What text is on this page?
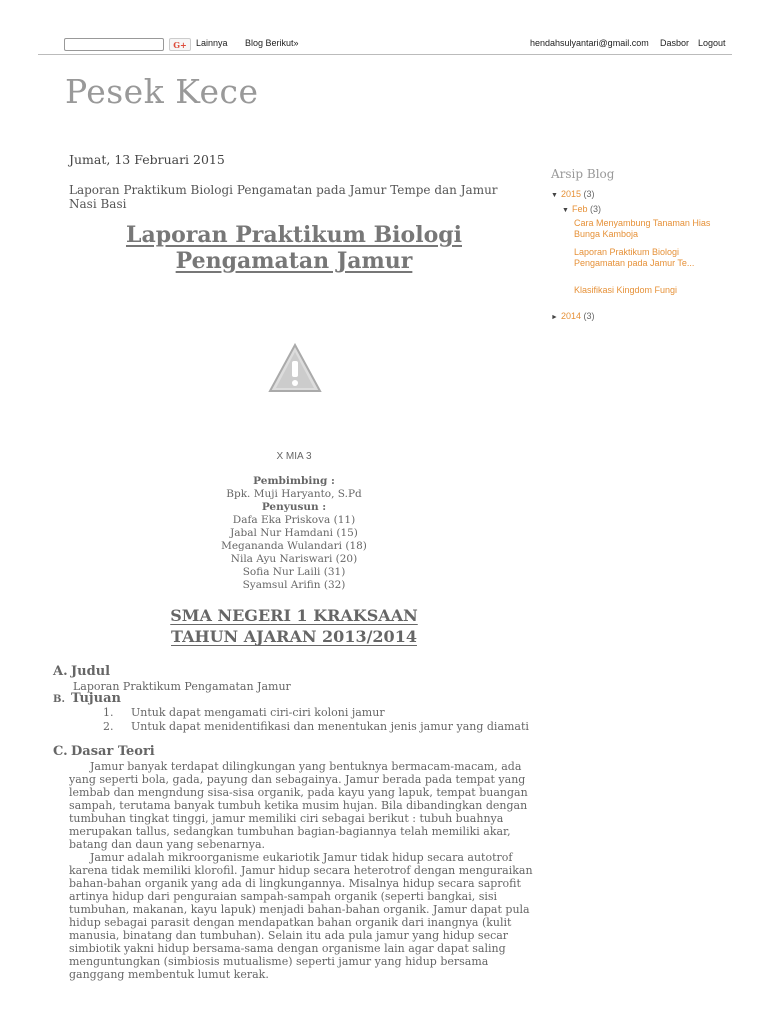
G+	Lainnya Blog Berikut»	hendahsulyantari@gmail.com Dasbor Logout
Pesek Kece
Jumat, 13 Februari 2015
Laporan Praktikum Biologi Pengamatan pada Jamur Tempe dan Jamur Nasi Basi
Laporan Praktikum Biologi
Pengamatan Jamur
X MIA 3
Pembimbing :
Bpk. Muji Haryanto, S.Pd
Penyusun :
Dafa Eka Priskova (11)
Jabal Nur Hamdani (15)
Megananda Wulandari (18)
Nila Ayu Nariswari (20)
Sofia Nur Laili (31)
Syamsul Arifin (32)
SMA NEGERI 1 KRAKSAAN
TAHUN AJARAN 2013/2014
A. Judul
Laporan Praktikum Pengamatan Jamur
B. Tujuan
1. Untuk dapat mengamati ciri-ciri koloni jamur
2. Untuk dapat menidentifikasi dan menentukan jenis jamur yang diamati
C. Dasar Teori
Jamur banyak terdapat dilingkungan yang bentuknya bermacam-macam, ada
yang seperti bola, gada, payung dan sebagainya. Jamur berada pada tempat yang
lembab dan mengndung sisa-sisa organik, pada kayu yang lapuk, tempat buangan
sampah, terutama banyak tumbuh ketika musim hujan. Bila dibandingkan dengan
tumbuhan tingkat tinggi, jamur memiliki ciri sebagai berikut : tubuh buahnya
merupakan tallus, sedangkan tumbuhan bagian-bagiannya telah memiliki akar,
batang dan daun yang sebenarnya.
Jamur adalah mikroorganisme eukariotik Jamur tidak hidup secara autotrof
karena tidak memiliki klorofil. Jamur hidup secara heterotrof dengan menguraikan
bahan-bahan organik yang ada di lingkungannya. Misalnya hidup secara saprofit
artinya hidup dari penguraian sampah-sampah organik (seperti bangkai, sisi
tumbuhan, makanan, kayu lapuk) menjadi bahan-bahan organik. Jamur dapat pula
hidup sebagai parasit dengan mendapatkan bahan organik dari inangnya (kulit
manusia, binatang dan tumbuhan). Selain itu ada pula jamur yang hidup secar
simbiotik yakni hidup bersama-sama dengan organisme lain agar dapat saling
menguntungkan (simbiosis mutualisme) seperti jamur yang hidup bersama
ganggang membentuk lumut kerak.
Arsip Blog
▼ 2015 (3)
▼ Feb (3)
Cara Menyambung Tanaman Hias Bunga Kamboja
Laporan Praktikum Biologi Pengamatan pada Jamur Te...
Klasifikasi Kingdom Fungi
► 2014 (3)
